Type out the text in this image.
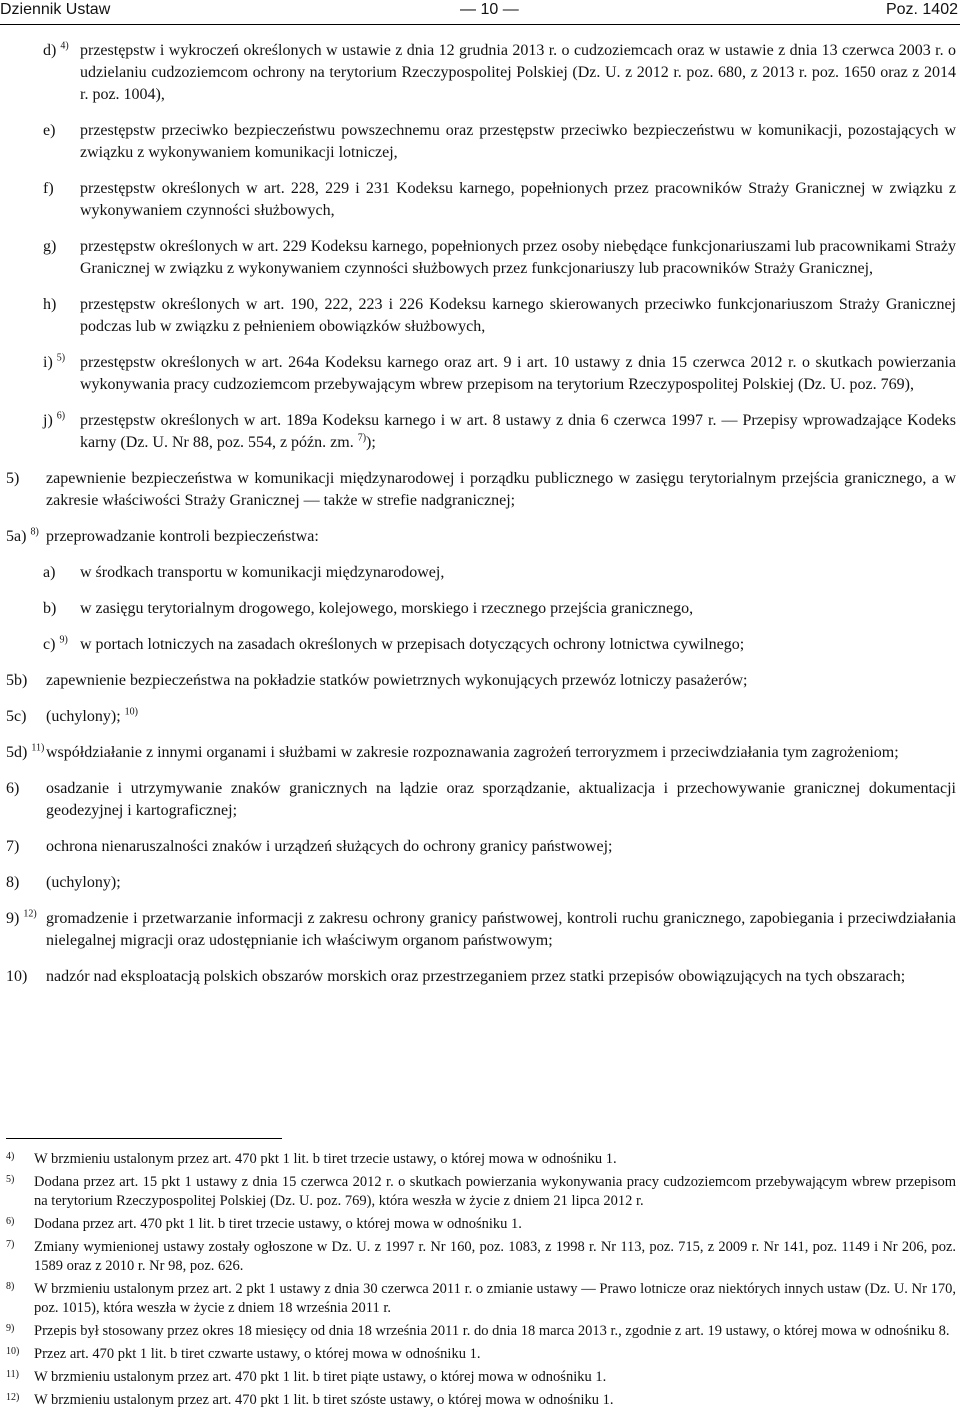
Dziennik Ustaw	— 10 —	Poz. 1402
d) $^{4)}$ przestępstw i wykroczeń określonych w ustawie z dnia 12 grudnia 2013 r. o cudzoziemcach oraz w ustawie z dnia 13 czerwca 2003 r. o udzielaniu cudzoziemcom ochrony na terytorium Rzeczypospolitej Polskiej (Dz. U. z 2012 r. poz. 680, z 2013 r. poz. 1650 oraz z 2014 r. poz. 1004),
e) przestępstw przeciwko bezpieczeństwu powszechnemu oraz przestępstw przeciwko bezpieczeństwu w komunikacji, pozostających w związku z wykonywaniem komunikacji lotniczej,
f) przestępstw określonych w art. 228, 229 i 231 Kodeksu karnego, popełnionych przez pracowników Straży Granicznej w związku z wykonywaniem czynności służbowych,
g) przestępstw określonych w art. 229 Kodeksu karnego, popełnionych przez osoby niebędące funkcjonariuszami lub pracownikami Straży Granicznej w związku z wykonywaniem czynności służbowych przez funkcjonariuszy lub pracowników Straży Granicznej,
h) przestępstw określonych w art. 190, 222, 223 i 226 Kodeksu karnego skierowanych przeciwko funkcjonariuszom Straży Granicznej podczas lub w związku z pełnieniem obowiązków służbowych,
i) $^{5)}$ przestępstw określonych w art. 264a Kodeksu karnego oraz art. 9 i art. 10 ustawy z dnia 15 czerwca 2012 r. o skutkach powierzania wykonywania pracy cudzoziemcom przebywającym wbrew przepisom na terytorium Rzeczypospolitej Polskiej (Dz. U. poz. 769),
j) $^{6)}$ przestępstw określonych w art. 189a Kodeksu karnego i w art. 8 ustawy z dnia 6 czerwca 1997 r. — Przepisy wprowadzające Kodeks karny (Dz. U. Nr 88, poz. 554, z późn. zm. $^{7)}$);
5) zapewnienie bezpieczeństwa w komunikacji międzynarodowej i porządku publicznego w zasięgu terytorialnym przejścia granicznego, a w zakresie właściwości Straży Granicznej — także w strefie nadgranicznej;
5a) $^{8)}$ przeprowadzanie kontroli bezpieczeństwa:
a) w środkach transportu w komunikacji międzynarodowej,
b) w zasięgu terytorialnym drogowego, kolejowego, morskiego i rzecznego przejścia granicznego,
c) $^{9)}$ w portach lotniczych na zasadach określonych w przepisach dotyczących ochrony lotnictwa cywilnego;
5b) zapewnienie bezpieczeństwa na pokładzie statków powietrznych wykonujących przewóz lotniczy pasażerów;
5c) (uchylony); $^{10)}$
5d) $^{11)}$ współdziałanie z innymi organami i służbami w zakresie rozpoznawania zagrożeń terroryzmem i przeciwdziałania tym zagrożeniom;
6) osadzanie i utrzymywanie znaków granicznych na lądzie oraz sporządzanie, aktualizacja i przechowywanie granicznej dokumentacji geodezyjnej i kartograficznej;
7) ochrona nienaruszalności znaków i urządzeń służących do ochrony granicy państwowej;
8) (uchylony);
9) $^{12)}$ gromadzenie i przetwarzanie informacji z zakresu ochrony granicy państwowej, kontroli ruchu granicznego, zapobiegania i przeciwdziałania nielegalnej migracji oraz udostępnianie ich właściwym organom państwowym;
10) nadzór nad eksploatacją polskich obszarów morskich oraz przestrzeganiem przez statki przepisów obowiązujących na tych obszarach;
4) W brzmieniu ustalonym przez art. 470 pkt 1 lit. b tiret trzecie ustawy, o której mowa w odnośniku 1.
5) Dodana przez art. 15 pkt 1 ustawy z dnia 15 czerwca 2012 r. o skutkach powierzania wykonywania pracy cudzoziemcom przebywającym wbrew przepisom na terytorium Rzeczypospolitej Polskiej (Dz. U. poz. 769), która weszła w życie z dniem 21 lipca 2012 r.
6) Dodana przez art. 470 pkt 1 lit. b tiret trzecie ustawy, o której mowa w odnośniku 1.
7) Zmiany wymienionej ustawy zostały ogłoszone w Dz. U. z 1997 r. Nr 160, poz. 1083, z 1998 r. Nr 113, poz. 715, z 2009 r. Nr 141, poz. 1149 i Nr 206, poz. 1589 oraz z 2010 r. Nr 98, poz. 626.
8) W brzmieniu ustalonym przez art. 2 pkt 1 ustawy z dnia 30 czerwca 2011 r. o zmianie ustawy — Prawo lotnicze oraz niektórych innych ustaw (Dz. U. Nr 170, poz. 1015), która weszła w życie z dniem 18 września 2011 r.
9) Przepis był stosowany przez okres 18 miesięcy od dnia 18 września 2011 r. do dnia 18 marca 2013 r., zgodnie z art. 19 ustawy, o której mowa w odnośniku 8.
10) Przez art. 470 pkt 1 lit. b tiret czwarte ustawy, o której mowa w odnośniku 1.
11) W brzmieniu ustalonym przez art. 470 pkt 1 lit. b tiret piąte ustawy, o której mowa w odnośniku 1.
12) W brzmieniu ustalonym przez art. 470 pkt 1 lit. b tiret szóste ustawy, o której mowa w odnośniku 1.
